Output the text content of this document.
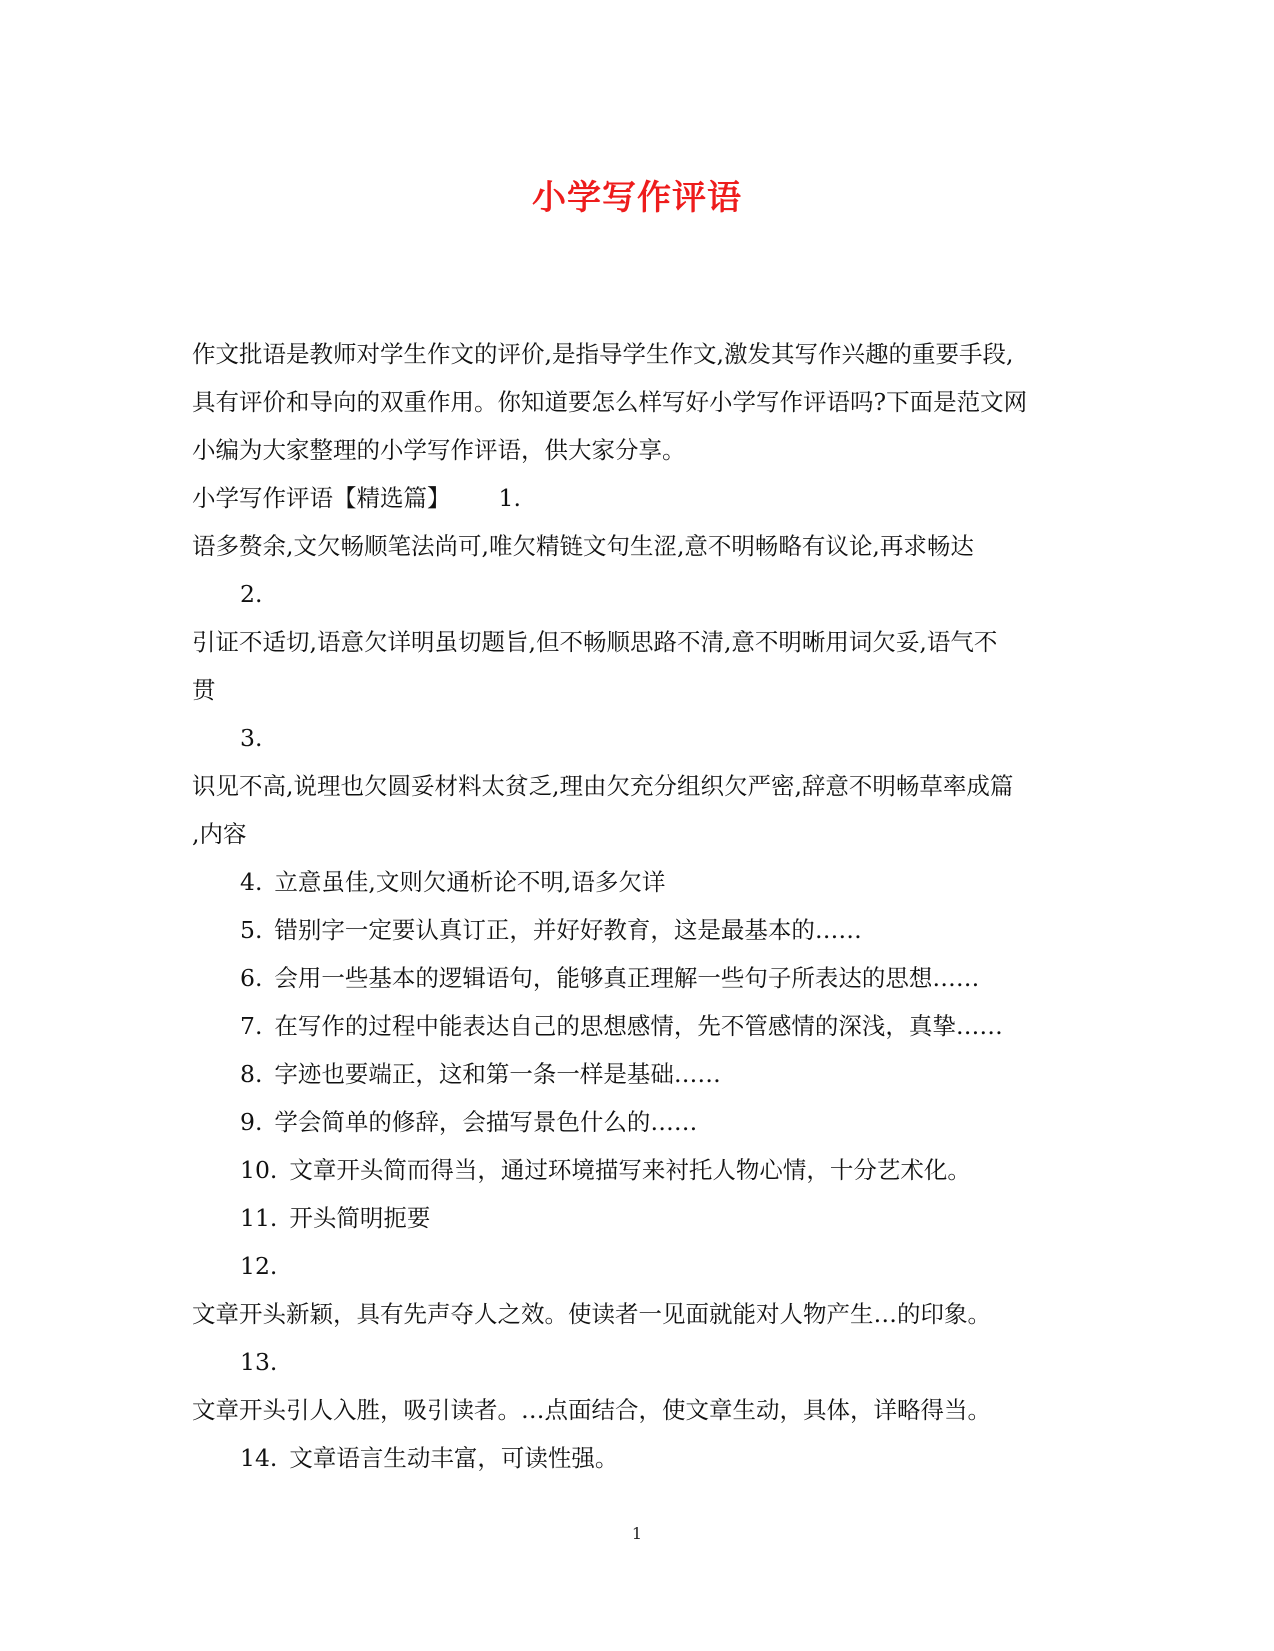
小学写作评语
作文批语是教师对学生作文的评价,是指导学生作文,激发其写作兴趣的重要手段,
具有评价和导向的双重作用。你知道要怎么样写好小学写作评语吗?下面是范文网
小编为大家整理的小学写作评语，供大家分享。
小学写作评语【精选篇】 1.
语多赘余,文欠畅顺笔法尚可,唯欠精链文句生涩,意不明畅略有议论,再求畅达
2.
引证不适切,语意欠详明虽切题旨,但不畅顺思路不清,意不明晰用词欠妥,语气不
贯
3.
识见不高,说理也欠圆妥材料太贫乏,理由欠充分组织欠严密,辞意不明畅草率成篇
,内容
4. 立意虽佳,文则欠通析论不明,语多欠详
5. 错别字一定要认真订正，并好好教育，这是最基本的……
6. 会用一些基本的逻辑语句，能够真正理解一些句子所表达的思想……
7. 在写作的过程中能表达自己的思想感情，先不管感情的深浅，真挚……
8. 字迹也要端正，这和第一条一样是基础……
9. 学会简单的修辞，会描写景色什么的……
10. 文章开头简而得当，通过环境描写来衬托人物心情，十分艺术化。
11. 开头简明扼要
12.
文章开头新颖，具有先声夺人之效。使读者一见面就能对人物产生…的印象。
13.
文章开头引人入胜，吸引读者。…点面结合，使文章生动，具体，详略得当。
14. 文章语言生动丰富，可读性强。
1
